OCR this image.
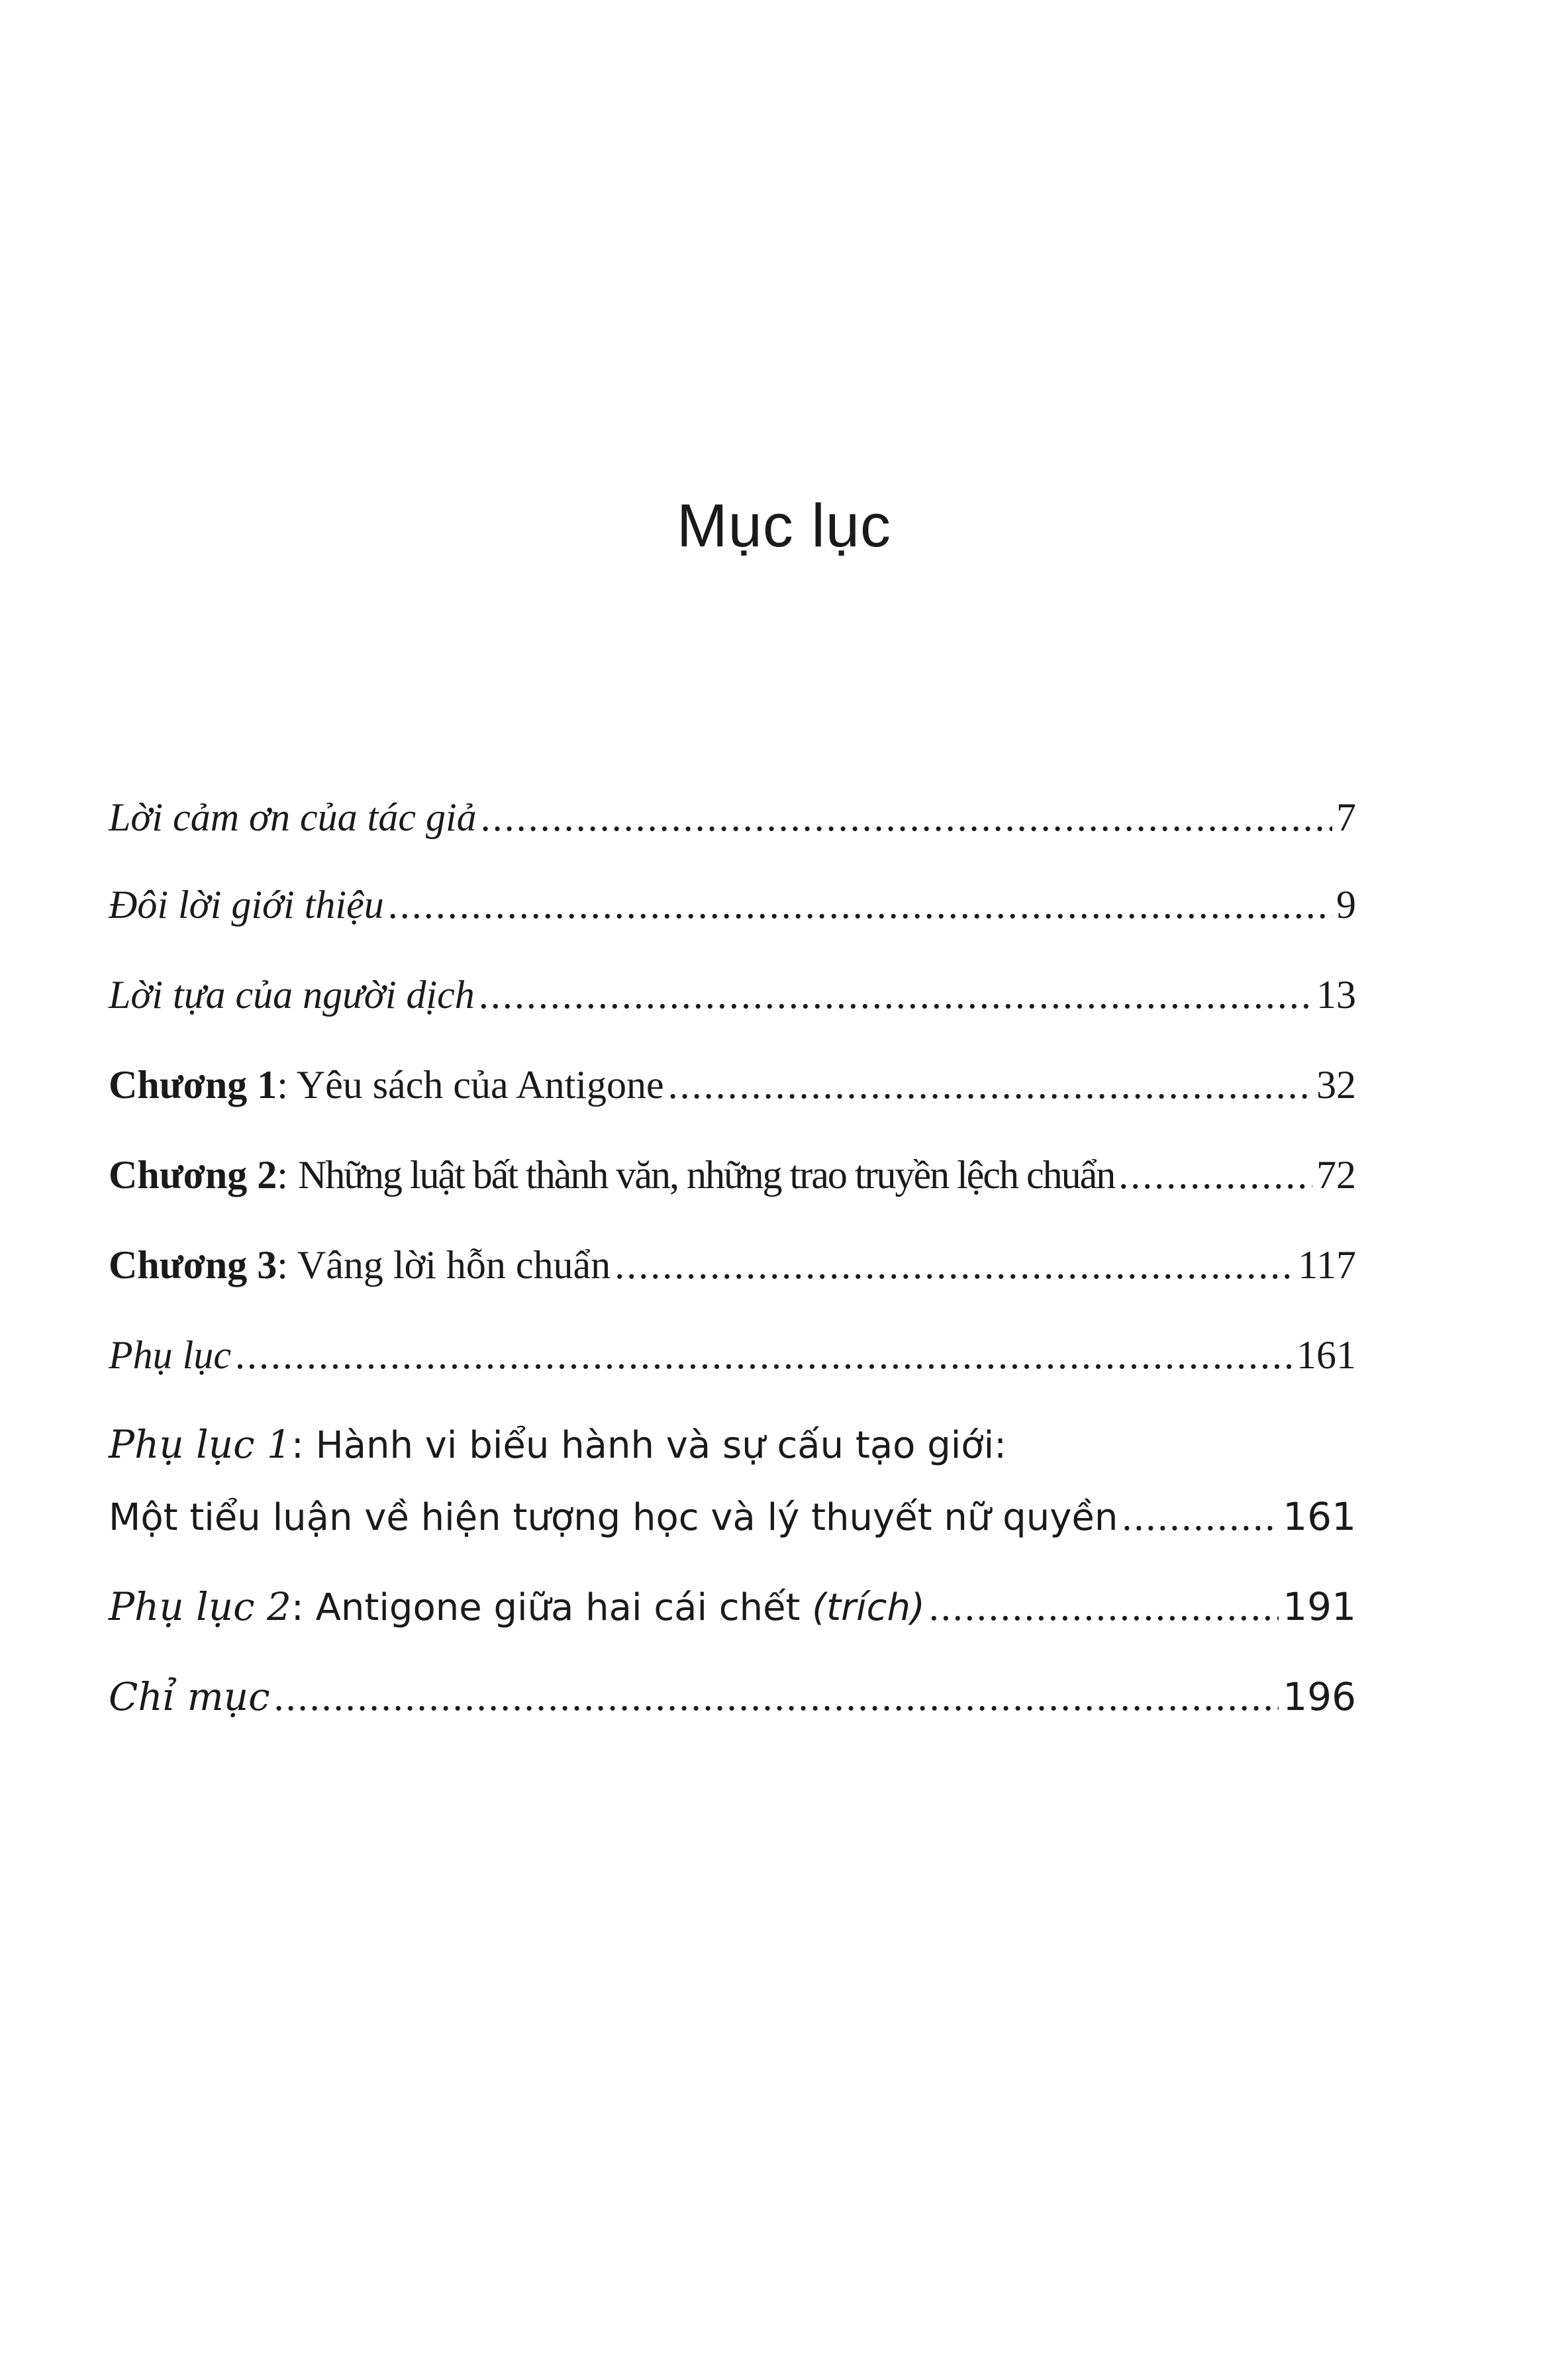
Mục lục
Lời cảm ơn của tác giả .....	7
Đôi lời giới thiệu .....	9
Lời tựa của người dịch .....	13
Chương 1: Yêu sách của Antigone .....	32
Chương 2: Những luật bất thành văn, những trao truyền lệch chuẩn .....	72
Chương 3: Vâng lời hỗn chuẩn .....	117
Phụ lục .....	161
Phụ lục 1: Hành vi biểu hành và sự cấu tạo giới:
Một tiểu luận về hiện tượng học và lý thuyết nữ quyền .....	161
Phụ lục 2: Antigone giữa hai cái chết (trích) .....	191
Chỉ mục .....	196
